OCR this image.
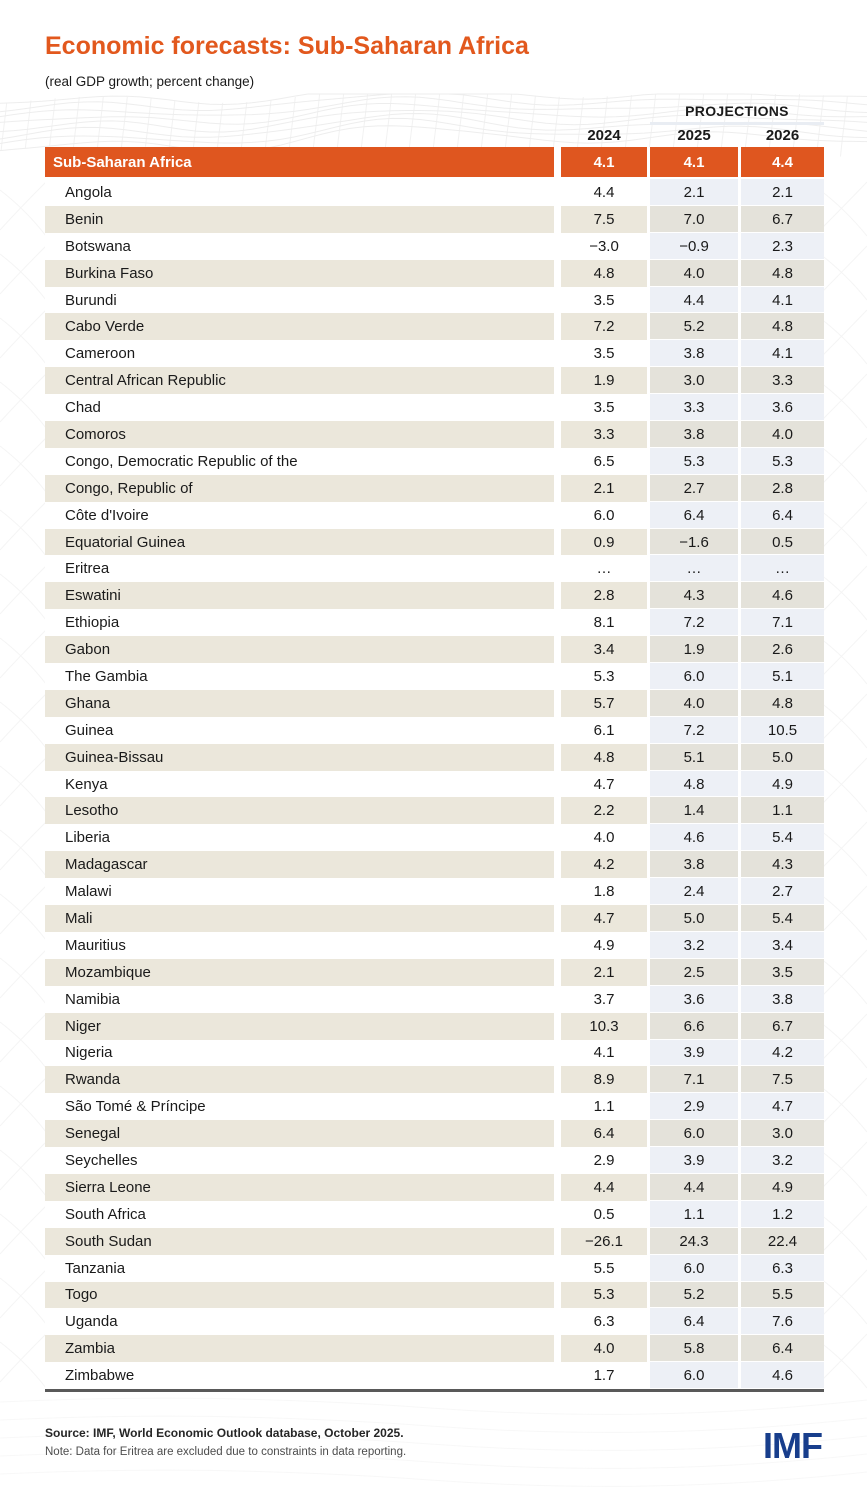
Economic forecasts: Sub-Saharan Africa
(real GDP growth; percent change)
PROJECTIONS
2024	2025	2026
Sub-Saharan Africa	4.1	4.1	4.4
Angola	4.4	2.1	2.1
Benin	7.5	7.0	6.7
Botswana	−3.0	−0.9	2.3
Burkina Faso	4.8	4.0	4.8
Burundi	3.5	4.4	4.1
Cabo Verde	7.2	5.2	4.8
Cameroon	3.5	3.8	4.1
Central African Republic	1.9	3.0	3.3
Chad	3.5	3.3	3.6
Comoros	3.3	3.8	4.0
Congo, Democratic Republic of the	6.5	5.3	5.3
Congo, Republic of	2.1	2.7	2.8
Côte d'Ivoire	6.0	6.4	6.4
Equatorial Guinea	0.9	−1.6	0.5
Eritrea	…	…	…
Eswatini	2.8	4.3	4.6
Ethiopia	8.1	7.2	7.1
Gabon	3.4	1.9	2.6
The Gambia	5.3	6.0	5.1
Ghana	5.7	4.0	4.8
Guinea	6.1	7.2	10.5
Guinea-Bissau	4.8	5.1	5.0
Kenya	4.7	4.8	4.9
Lesotho	2.2	1.4	1.1
Liberia	4.0	4.6	5.4
Madagascar	4.2	3.8	4.3
Malawi	1.8	2.4	2.7
Mali	4.7	5.0	5.4
Mauritius	4.9	3.2	3.4
Mozambique	2.1	2.5	3.5
Namibia	3.7	3.6	3.8
Niger	10.3	6.6	6.7
Nigeria	4.1	3.9	4.2
Rwanda	8.9	7.1	7.5
São Tomé & Príncipe	1.1	2.9	4.7
Senegal	6.4	6.0	3.0
Seychelles	2.9	3.9	3.2
Sierra Leone	4.4	4.4	4.9
South Africa	0.5	1.1	1.2
South Sudan	−26.1	24.3	22.4
Tanzania	5.5	6.0	6.3
Togo	5.3	5.2	5.5
Uganda	6.3	6.4	7.6
Zambia	4.0	5.8	6.4
Zimbabwe	1.7	6.0	4.6
Source: IMF, World Economic Outlook database, October 2025.
Note: Data for Eritrea are excluded due to constraints in data reporting.	IMF
